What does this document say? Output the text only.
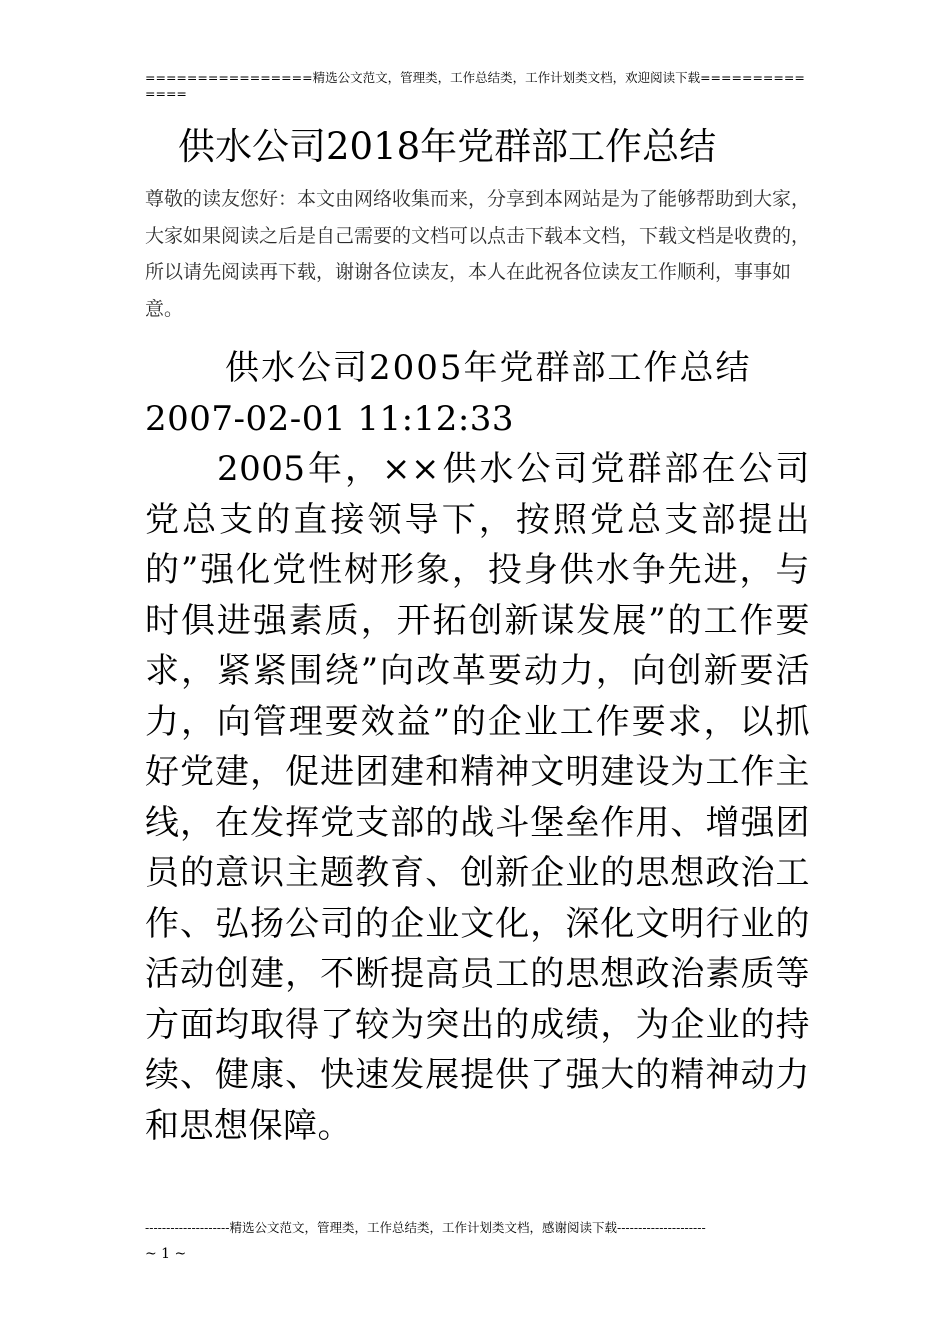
================精选公文范文，管理类，工作总结类，工作计划类文档，欢迎阅读下载==============
供水公司2018年党群部工作总结
尊敬的读友您好：本文由网络收集而来，分享到本网站是为了能够帮助到大家，大家如果阅读之后是自己需要的文档可以点击下载本文档，下载文档是收费的，所以请先阅读再下载，谢谢各位读友，本人在此祝各位读友工作顺利，事事如意。
供水公司2005年党群部工作总结
2007-02-01 11:12:33
2005年，××供水公司党群部在公司党总支的直接领导下，按照党总支部提出的”强化党性树形象，投身供水争先进，与时俱进强素质，开拓创新谋发展”的工作要求，紧紧围绕”向改革要动力，向创新要活力，向管理要效益”的企业工作要求，以抓好党建，促进团建和精神文明建设为工作主线，在发挥党支部的战斗堡垒作用、增强团员的意识主题教育、创新企业的思想政治工作、弘扬公司的企业文化，深化文明行业的活动创建，不断提高员工的思想政治素质等方面均取得了较为突出的成绩，为企业的持续、健康、快速发展提供了强大的精神动力和思想保障。
--------------------精选公文范文，管理类，工作总结类，工作计划类文档，感谢阅读下载---------------------
~ 1 ~
